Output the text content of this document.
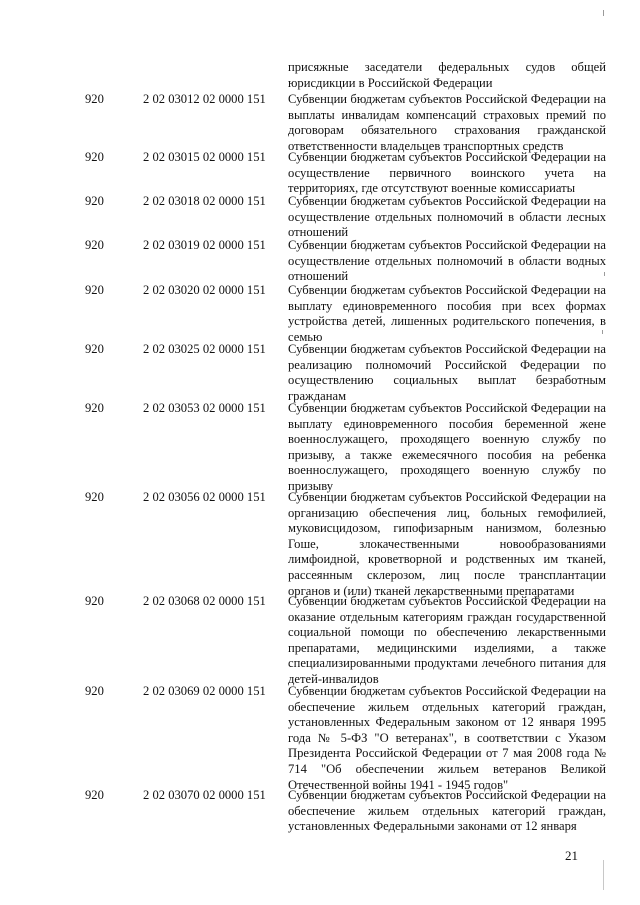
присяжные заседатели федеральных судов общей юрисдикции в Российской Федерации
920	2 02 03012 02 0000 151 Субвенции бюджетам субъектов Российской Федерации на выплаты инвалидам компенсаций страховых премий по договорам обязательного страхования гражданской ответственности владельцев транспортных средств
920	2 02 03015 02 0000 151 Субвенции бюджетам субъектов Российской Федерации на осуществление первичного воинского учета на территориях, где отсутствуют военные комиссариаты
920	2 02 03018 02 0000 151 Субвенции бюджетам субъектов Российской Федерации на осуществление отдельных полномочий в области лесных отношений
920	2 02 03019 02 0000 151 Субвенции бюджетам субъектов Российской Федерации на осуществление отдельных полномочий в области водных отношений
920	2 02 03020 02 0000 151 Субвенции бюджетам субъектов Российской Федерации на выплату единовременного пособия при всех формах устройства детей, лишенных родительского попечения, в семью
920	2 02 03025 02 0000 151 Субвенции бюджетам субъектов Российской Федерации на реализацию полномочий Российской Федерации по осуществлению социальных выплат безработным гражданам
920	2 02 03053 02 0000 151 Субвенции бюджетам субъектов Российской Федерации на выплату единовременного пособия беременной жене военнослужащего, проходящего военную службу по призыву, а также ежемесячного пособия на ребенка военнослужащего, проходящего военную службу по призыву
920	2 02 03056 02 0000 151 Субвенции бюджетам субъектов Российской Федерации на организацию обеспечения лиц, больных гемофилией, муковисцидозом, гипофизарным нанизмом, болезнью Гоше, злокачественными новообразованиями лимфоидной, кроветворной и родственных им тканей, рассеянным склерозом, лиц после трансплантации органов и (или) тканей лекарственными препаратами
920	2 02 03068 02 0000 151 Субвенции бюджетам субъектов Российской Федерации на оказание отдельным категориям граждан государственной социальной помощи по обеспечению лекарственными препаратами, медицинскими изделиями, а также специализированными продуктами лечебного питания для детей-инвалидов
920	2 02 03069 02 0000 151 Субвенции бюджетам субъектов Российской Федерации на обеспечение жильем отдельных категорий граждан, установленных Федеральным законом от 12 января 1995 года № 5-ФЗ "О ветеранах", в соответствии с Указом Президента Российской Федерации от 7 мая 2008 года № 714 "Об обеспечении жильем ветеранов Великой Отечественной войны 1941 - 1945 годов"
920	2 02 03070 02 0000 151 Субвенции бюджетам субъектов Российской Федерации на обеспечение жильем отдельных категорий граждан, установленных Федеральными законами от 12 января
21
